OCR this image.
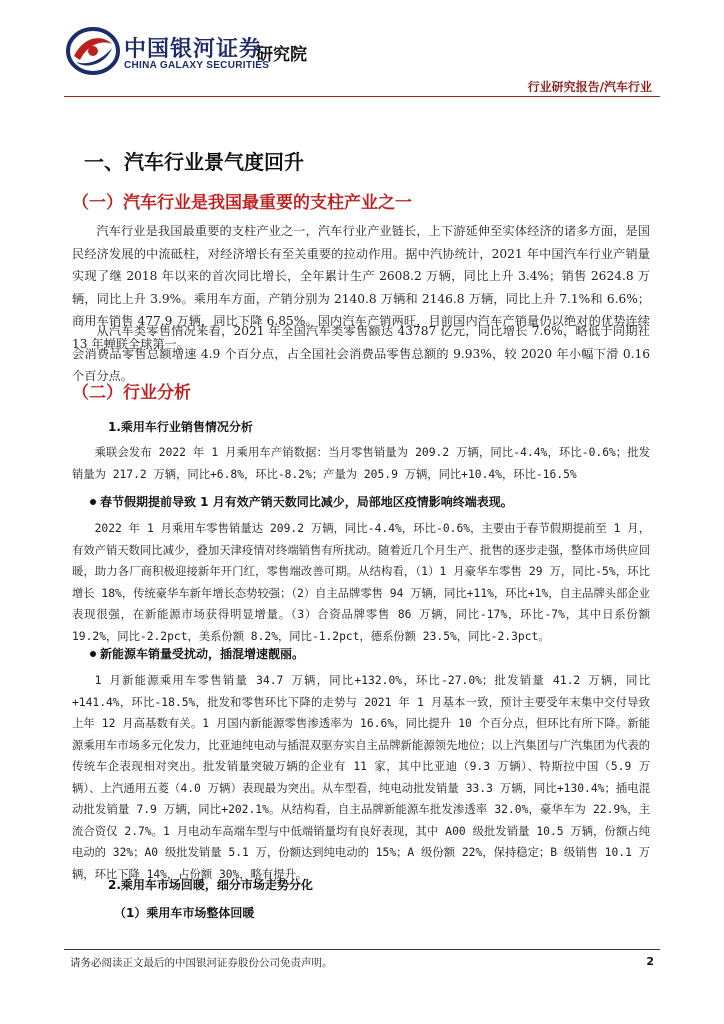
中国银河证券
CHINA GALAXY SECURITIES
研究院
行业研究报告/汽车行业
一、汽车行业景气度回升
（一）汽车行业是我国最重要的支柱产业之一
汽车行业是我国最重要的支柱产业之一，汽车行业产业链长，上下游延伸至实体经济的诸多方面，是国民经济发展的中流砥柱，对经济增长有至关重要的拉动作用。据中汽协统计，2021 年中国汽车行业产销量实现了继 2018 年以来的首次同比增长，全年累计生产 2608.2 万辆，同比上升 3.4%；销售 2624.8 万辆，同比上升 3.9%。乘用车方面，产销分别为 2140.8 万辆和 2146.8 万辆，同比上升 7.1%和 6.6%；商用车销售 477.9 万辆，同比下降 6.85%。国内汽车产销两旺，目前国内汽车产销量仍以绝对的优势连续 13 年蝉联全球第一。
从汽车类零售情况来看，2021 年全国汽车类零售额达 43787 亿元，同比增长 7.6%，略低于同期社会消费品零售总额增速 4.9 个百分点，占全国社会消费品零售总额的 9.93%，较 2020 年小幅下滑 0.16 个百分点。
（二）行业分析
1.乘用车行业销售情况分析
乘联会发布 2022 年 1 月乘用车产销数据：当月零售销量为 209.2 万辆，同比-4.4%，环比-0.6%；批发销量为 217.2 万辆，同比+6.8%，环比-8.2%；产量为 205.9 万辆，同比+10.4%，环比-16.5%
春节假期提前导致 1 月有效产销天数同比减少，局部地区疫情影响终端表现。
2022 年 1 月乘用车零售销量达 209.2 万辆，同比-4.4%，环比-0.6%，主要由于春节假期提前至 1 月，有效产销天数同比减少，叠加天津疫情对终端销售有所扰动。随着近几个月生产、批售的逐步走强，整体市场供应回暖，助力各厂商积极迎接新年开门红，零售端改善可期。从结构看，（1）1 月豪华车零售 29 万，同比-5%，环比增长 18%，传统豪华车新年增长态势较强；（2）自主品牌零售 94 万辆，同比+11%，环比+1%，自主品牌头部企业表现很强，在新能源市场获得明显增量。（3）合资品牌零售 86 万辆，同比-17%，环比-7%，其中日系份额 19.2%，同比-2.2pct，美系份额 8.2%，同比-1.2pct，德系份额 23.5%，同比-2.3pct。
新能源车销量受扰动，插混增速靓丽。
1 月新能源乘用车零售销量 34.7 万辆，同比+132.0%，环比-27.0%；批发销量 41.2 万辆，同比+141.4%，环比-18.5%，批发和零售环比下降的走势与 2021 年 1 月基本一致，预计主要受年末集中交付导致上年 12 月高基数有关。1 月国内新能源零售渗透率为 16.6%，同比提升 10 个百分点，但环比有所下降。新能源乘用车市场多元化发力，比亚迪纯电动与插混双驱夯实自主品牌新能源领先地位；以上汽集团与广汽集团为代表的传统车企表现相对突出。批发销量突破万辆的企业有 11 家，其中比亚迪（9.3 万辆）、特斯拉中国（5.9 万辆）、上汽通用五菱（4.0 万辆）表现最为突出。从车型看，纯电动批发销量 33.3 万辆，同比+130.4%；插电混动批发销量 7.9 万辆，同比+202.1%。从结构看，自主品牌新能源车批发渗透率 32.0%，豪华车为 22.9%，主流合资仅 2.7%。1 月电动车高端车型与中低端销量均有良好表现，其中 A00 级批发销量 10.5 万辆，份额占纯电动的 32%；A0 级批发销量 5.1 万，份额达到纯电动的 15%；A 级份额 22%，保持稳定；B 级销售 10.1 万辆，环比下降 14%，占份额 30%，略有提升。
2.乘用车市场回暖，细分市场走势分化
（1）乘用车市场整体回暖
请务必阅读正文最后的中国银河证券股份公司免责声明。	2
